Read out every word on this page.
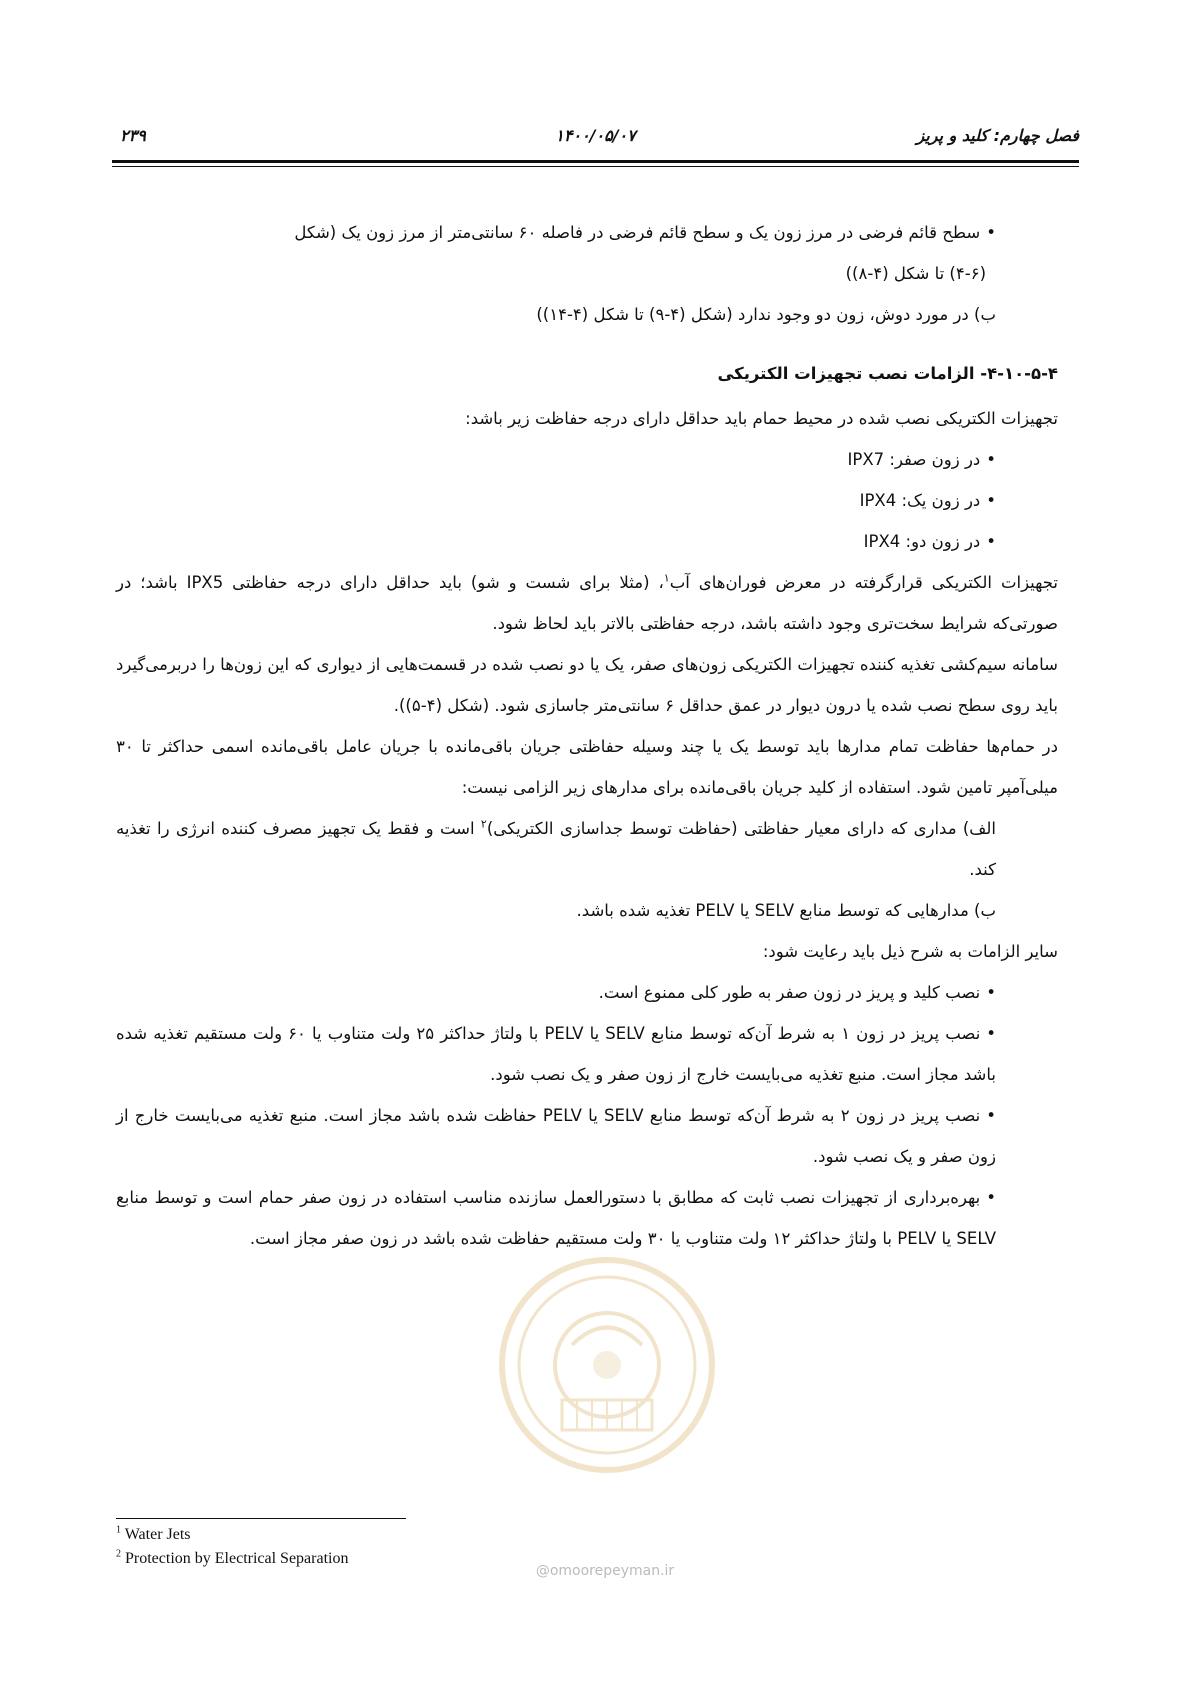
فصل چهارم: کلید و پریز
۱۴۰۰/۰۵/۰۷
۲۳۹

• سطح قائم فرضی در مرز زون یک و سطح قائم فرضی در فاصله ۶۰ سانتی‌متر از مرز زون یک (شکل

(۴-۶) تا شکل (۴-۸))

ب) در مورد دوش، زون دو وجود ندارد (شکل (۴-۹) تا شکل (۴-۱۴))

۴-۱۰-۵-۴- الزامات نصب تجهیزات الکتریکی

تجهیزات الکتریکی نصب شده در محیط حمام باید حداقل دارای درجه حفاظت زیر باشد:

• در زون صفر: IPX7

• در زون یک: IPX4

• در زون دو: IPX4

تجهیزات الکتریکی قرارگرفته در معرض فوران‌های آب$^۱$، (مثلا برای شست و شو) باید حداقل دارای درجه حفاظتی IPX5 باشد؛ در صورتی‌که شرایط سخت‌تری وجود داشته باشد، درجه حفاظتی بالاتر باید لحاظ شود.

سامانه سیم‌کشی تغذیه کننده تجهیزات الکتریکی زون‌های صفر، یک یا دو نصب شده در قسمت‌هایی از دیواری که این زون‌ها را دربرمی‌گیرد باید روی سطح نصب شده یا درون دیوار در عمق حداقل ۶ سانتی‌متر جاسازی شود. (شکل (۴-۵)).

در حمام‌ها حفاظت تمام مدارها باید توسط یک یا چند وسیله حفاظتی جریان باقی‌مانده با جریان عامل باقی‌مانده اسمی حداکثر تا ۳۰ میلی‌آمپر تامین شود. استفاده از کلید جریان باقی‌مانده برای مدارهای زیر الزامی نیست:

الف) مداری که دارای معیار حفاظتی (حفاظت توسط جداسازی الکتریکی)$^۲$ است و فقط یک تجهیز مصرف کننده انرژی را تغذیه کند.

ب) مدارهایی که توسط منابع SELV یا PELV تغذیه شده باشد.

سایر الزامات به شرح ذیل باید رعایت شود:

• نصب کلید و پریز در زون صفر به طور کلی ممنوع است.

• نصب پریز در زون ۱ به شرط آن‌که توسط منابع SELV یا PELV با ولتاژ حداکثر ۲۵ ولت متناوب یا ۶۰ ولت مستقیم تغذیه شده باشد مجاز است. منبع تغذیه می‌بایست خارج از زون صفر و یک نصب شود.

• نصب پریز در زون ۲ به شرط آن‌که توسط منابع SELV یا PELV حفاظت شده باشد مجاز است. منبع تغذیه می‌بایست خارج از زون صفر و یک نصب شود.

• بهره‌برداری از تجهیزات نصب ثابت که مطابق با دستورالعمل سازنده مناسب استفاده در زون صفر حمام است و توسط منابع SELV یا PELV با ولتاژ حداکثر ۱۲ ولت متناوب یا ۳۰ ولت مستقیم حفاظت شده باشد در زون صفر مجاز است.

@omoorepeyman.ir
$^1$ Water Jets
$^2$ Protection by Electrical Separation
